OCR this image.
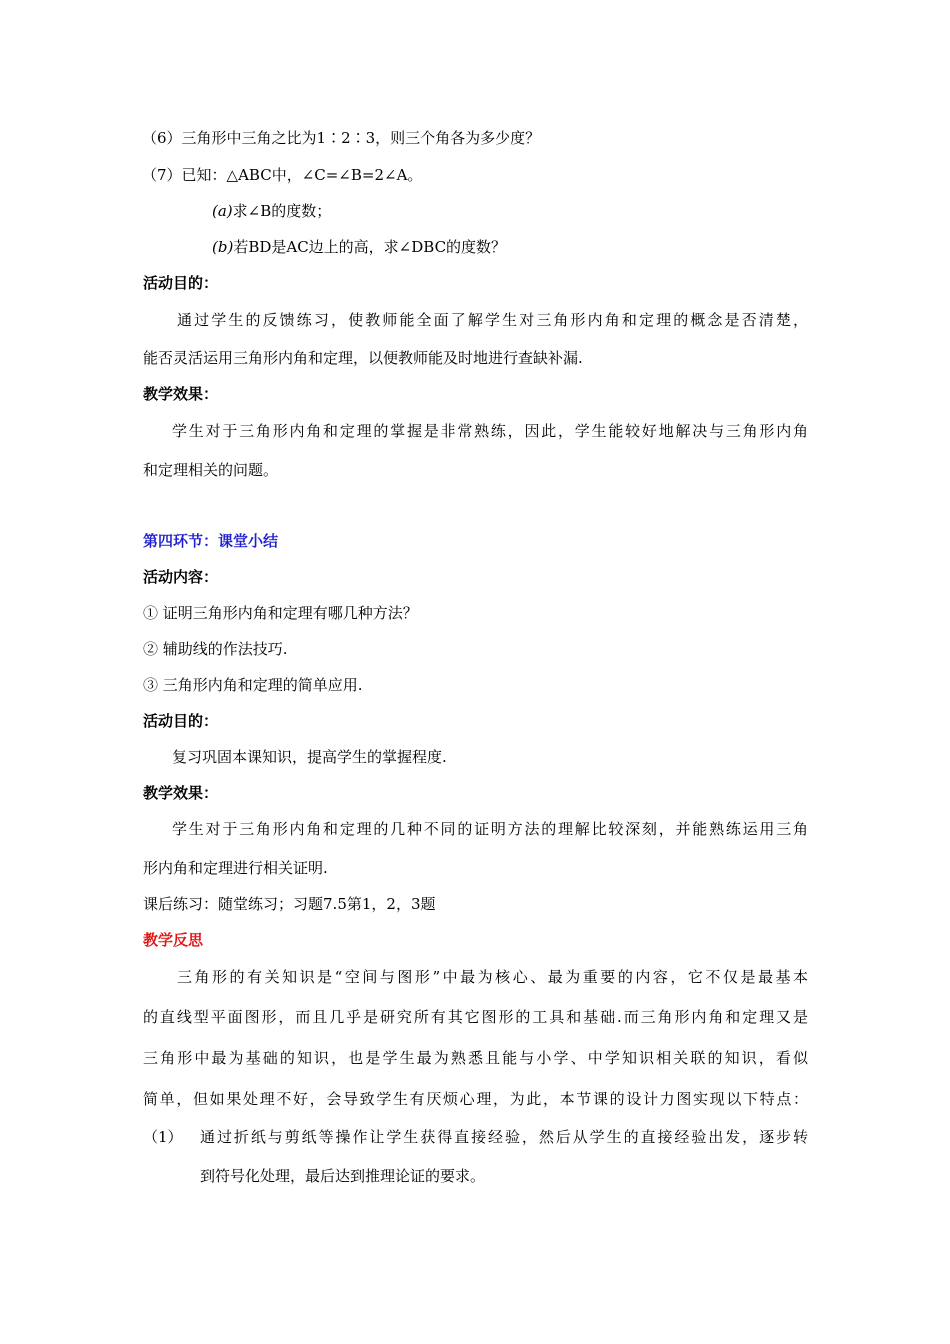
（6）三角形中三角之比为1∶2∶3，则三个角各为多少度？
（7）已知：△ABC中，∠C=∠B=2∠A。
(a)求∠B的度数；
(b)若BD是AC边上的高，求∠DBC的度数？
活动目的：
通过学生的反馈练习，使教师能全面了解学生对三角形内角和定理的概念是否清楚，
能否灵活运用三角形内角和定理，以便教师能及时地进行查缺补漏.
教学效果：
学生对于三角形内角和定理的掌握是非常熟练，因此，学生能较好地解决与三角形内角
和定理相关的问题。
第四环节：课堂小结
活动内容：
① 证明三角形内角和定理有哪几种方法？
② 辅助线的作法技巧.
③ 三角形内角和定理的简单应用.
活动目的：
复习巩固本课知识，提高学生的掌握程度.
教学效果：
学生对于三角形内角和定理的几种不同的证明方法的理解比较深刻，并能熟练运用三角
形内角和定理进行相关证明.
课后练习：随堂练习；习题7.5第1，2，3题
教学反思
三角形的有关知识是“空间与图形”中最为核心、最为重要的内容，它不仅是最基本
的直线型平面图形，而且几乎是研究所有其它图形的工具和基础.而三角形内角和定理又是
三角形中最为基础的知识，也是学生最为熟悉且能与小学、中学知识相关联的知识，看似
简单，但如果处理不好，会导致学生有厌烦心理，为此，本节课的设计力图实现以下特点：
（1） 通过折纸与剪纸等操作让学生获得直接经验，然后从学生的直接经验出发，逐步转
到符号化处理，最后达到推理论证的要求。
